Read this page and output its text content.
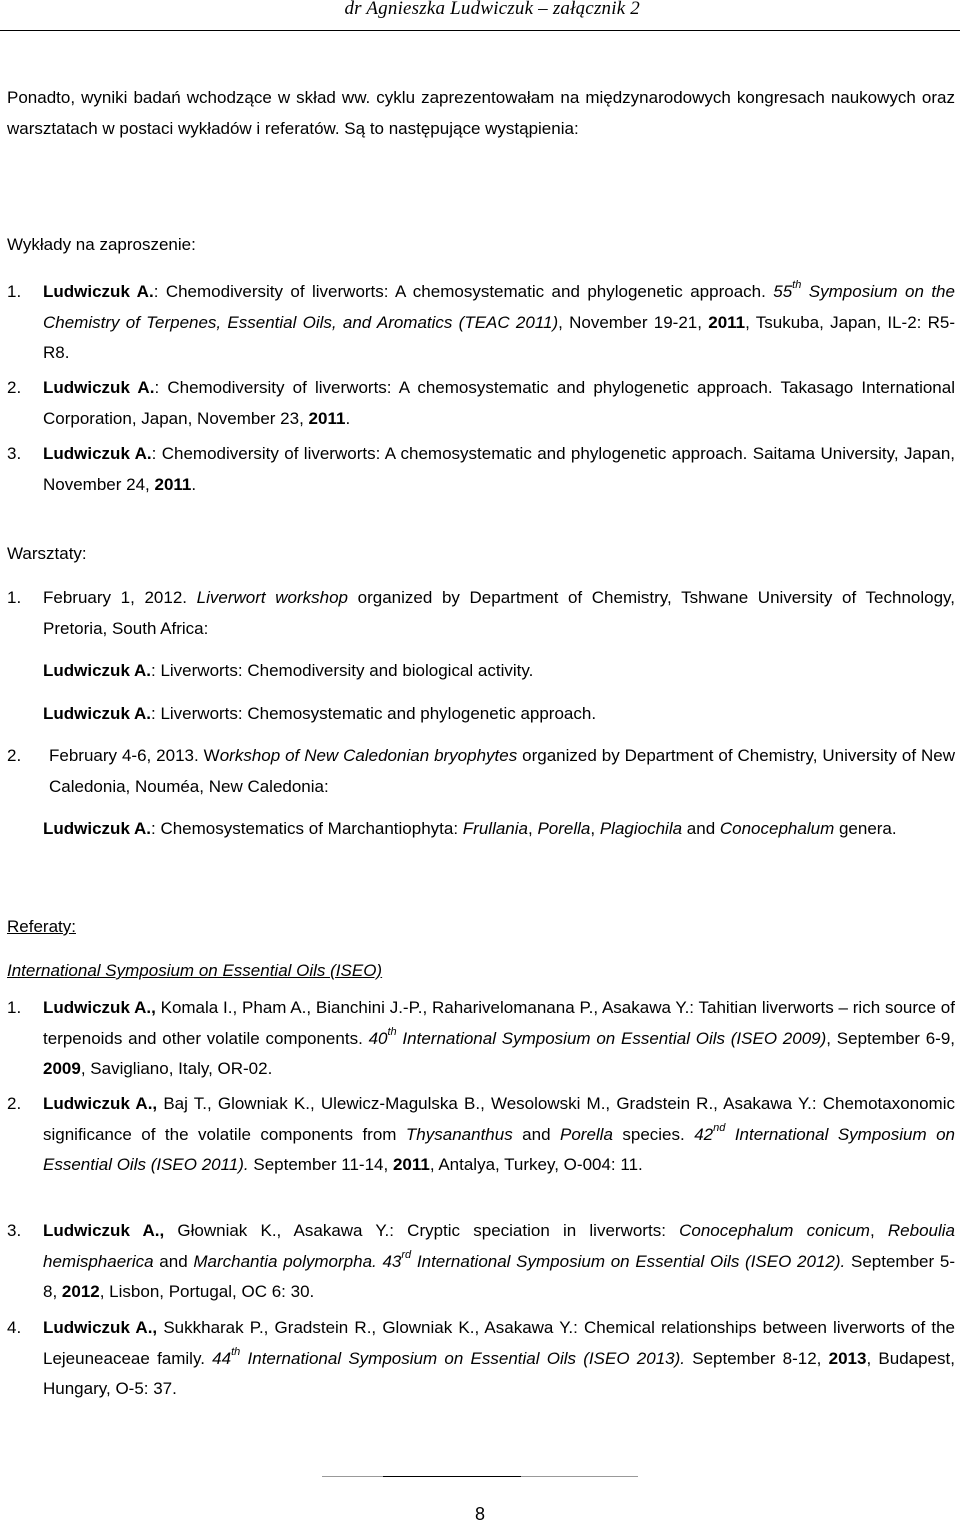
dr Agnieszka Ludwiczuk – załącznik 2

Ponadto, wyniki badań wchodzące w skład ww. cyklu zaprezentowałam na międzynarodowych kongresach naukowych oraz warsztatach w postaci wykładów i referatów. Są to następujące wystąpienia:

Wykłady na zaproszenie:
1. Ludwiczuk A.: Chemodiversity of liverworts: A chemosystematic and phylogenetic approach. 55th Symposium on the Chemistry of Terpenes, Essential Oils, and Aromatics (TEAC 2011), November 19-21, 2011, Tsukuba, Japan, IL-2: R5-R8.
2. Ludwiczuk A.: Chemodiversity of liverworts: A chemosystematic and phylogenetic approach. Takasago International Corporation, Japan, November 23, 2011.
3. Ludwiczuk A.: Chemodiversity of liverworts: A chemosystematic and phylogenetic approach. Saitama University, Japan, November 24, 2011.
Warsztaty:
1. February 1, 2012. Liverwort workshop organized by Department of Chemistry, Tshwane University of Technology, Pretoria, South Africa:
Ludwiczuk A.: Liverworts: Chemodiversity and biological activity.
Ludwiczuk A.: Liverworts: Chemosystematic and phylogenetic approach.
2. February 4-6, 2013. Workshop of New Caledonian bryophytes organized by Department of Chemistry, University of New Caledonia, Nouméa, New Caledonia:
Ludwiczuk A.: Chemosystematics of Marchantiophyta: Frullania, Porella, Plagiochila and Conocephalum genera.
Referaty:
International Symposium on Essential Oils (ISEO)
1. Ludwiczuk A., Komala I., Pham A., Bianchini J.-P., Raharivelomanana P., Asakawa Y.: Tahitian liverworts – rich source of terpenoids and other volatile components. 40th International Symposium on Essential Oils (ISEO 2009), September 6-9, 2009, Savigliano, Italy, OR-02.
2. Ludwiczuk A., Baj T., Glowniak K., Ulewicz-Magulska B., Wesolowski M., Gradstein R., Asakawa Y.: Chemotaxonomic significance of the volatile components from Thysananthus and Porella species. 42nd International Symposium on Essential Oils (ISEO 2011). September 11-14, 2011, Antalya, Turkey, O-004: 11.
3. Ludwiczuk A., Głowniak K., Asakawa Y.: Cryptic speciation in liverworts: Conocephalum conicum, Reboulia hemisphaerica and Marchantia polymorpha. 43rd International Symposium on Essential Oils (ISEO 2012). September 5-8, 2012, Lisbon, Portugal, OC 6: 30.
4. Ludwiczuk A., Sukkharak P., Gradstein R., Glowniak K., Asakawa Y.: Chemical relationships between liverworts of the Lejeuneaceae family. 44th International Symposium on Essential Oils (ISEO 2013). September 8-12, 2013, Budapest, Hungary, O-5: 37.
8
